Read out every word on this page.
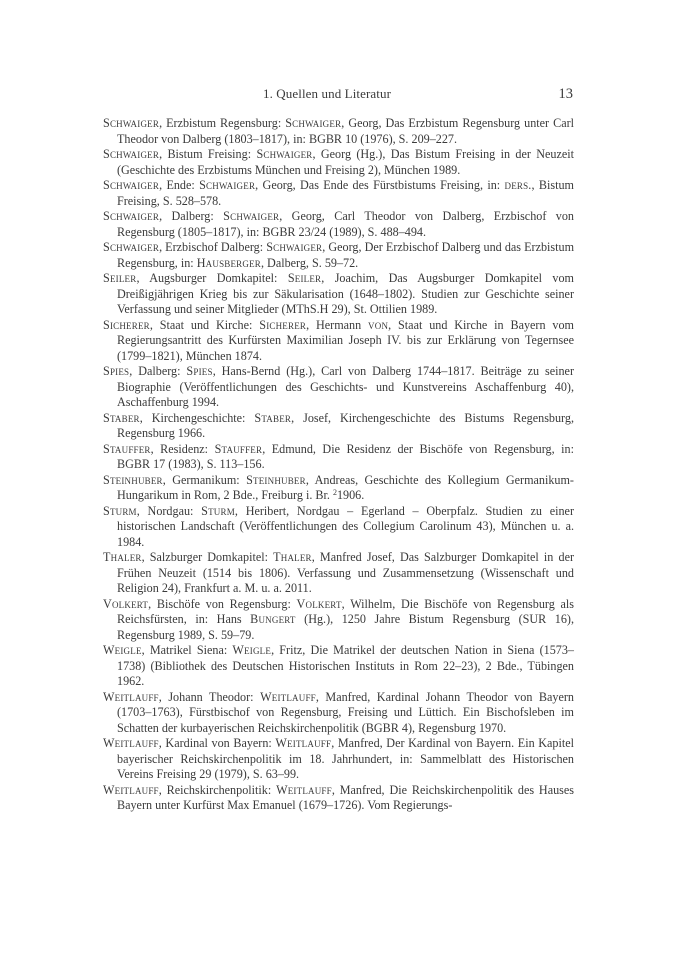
1. Quellen und Literatur	13

Schwaiger, Erzbistum Regensburg: Schwaiger, Georg, Das Erzbistum Regensburg unter Carl Theodor von Dalberg (1803–1817), in: BGBR 10 (1976), S. 209–227.

Schwaiger, Bistum Freising: Schwaiger, Georg (Hg.), Das Bistum Freising in der Neuzeit (Geschichte des Erzbistums München und Freising 2), München 1989.

Schwaiger, Ende: Schwaiger, Georg, Das Ende des Fürstbistums Freising, in: ders., Bistum Freising, S. 528–578.

Schwaiger, Dalberg: Schwaiger, Georg, Carl Theodor von Dalberg, Erzbischof von Regensburg (1805–1817), in: BGBR 23/24 (1989), S. 488–494.

Schwaiger, Erzbischof Dalberg: Schwaiger, Georg, Der Erzbischof Dalberg und das Erzbistum Regensburg, in: Hausberger, Dalberg, S. 59–72.

Seiler, Augsburger Domkapitel: Seiler, Joachim, Das Augsburger Domkapitel vom Dreißigjährigen Krieg bis zur Säkularisation (1648–1802). Studien zur Geschichte seiner Verfassung und seiner Mitglieder (MThS.H 29), St. Ottilien 1989.

Sicherer, Staat und Kirche: Sicherer, Hermann von, Staat und Kirche in Bayern vom Regierungsantritt des Kurfürsten Maximilian Joseph IV. bis zur Erklärung von Tegernsee (1799–1821), München 1874.

Spies, Dalberg: Spies, Hans-Bernd (Hg.), Carl von Dalberg 1744–1817. Beiträge zu seiner Biographie (Veröffentlichungen des Geschichts- und Kunstvereins Aschaffenburg 40), Aschaffenburg 1994.

Staber, Kirchengeschichte: Staber, Josef, Kirchengeschichte des Bistums Regensburg, Regensburg 1966.

Stauffer, Residenz: Stauffer, Edmund, Die Residenz der Bischöfe von Regensburg, in: BGBR 17 (1983), S. 113–156.

Steinhuber, Germanikum: Steinhuber, Andreas, Geschichte des Kollegium Germanikum-Hungarikum in Rom, 2 Bde., Freiburg i. Br. $^2$1906.

Sturm, Nordgau: Sturm, Heribert, Nordgau – Egerland – Oberpfalz. Studien zu einer historischen Landschaft (Veröffentlichungen des Collegium Carolinum 43), München u. a. 1984.

Thaler, Salzburger Domkapitel: Thaler, Manfred Josef, Das Salzburger Domkapitel in der Frühen Neuzeit (1514 bis 1806). Verfassung und Zusammensetzung (Wissenschaft und Religion 24), Frankfurt a. M. u. a. 2011.

Volkert, Bischöfe von Regensburg: Volkert, Wilhelm, Die Bischöfe von Regensburg als Reichsfürsten, in: Hans Bungert (Hg.), 1250 Jahre Bistum Regensburg (SUR 16), Regensburg 1989, S. 59–79.

Weigle, Matrikel Siena: Weigle, Fritz, Die Matrikel der deutschen Nation in Siena (1573–1738) (Bibliothek des Deutschen Historischen Instituts in Rom 22–23), 2 Bde., Tübingen 1962.

Weitlauff, Johann Theodor: Weitlauff, Manfred, Kardinal Johann Theodor von Bayern (1703–1763), Fürstbischof von Regensburg, Freising und Lüttich. Ein Bischofsleben im Schatten der kurbayerischen Reichskirchenpolitik (BGBR 4), Regensburg 1970.

Weitlauff, Kardinal von Bayern: Weitlauff, Manfred, Der Kardinal von Bayern. Ein Kapitel bayerischer Reichskirchenpolitik im 18. Jahrhundert, in: Sammelblatt des Historischen Vereins Freising 29 (1979), S. 63–99.

Weitlauff, Reichskirchenpolitik: Weitlauff, Manfred, Die Reichskirchenpolitik des Hauses Bayern unter Kurfürst Max Emanuel (1679–1726). Vom Regierungs-
